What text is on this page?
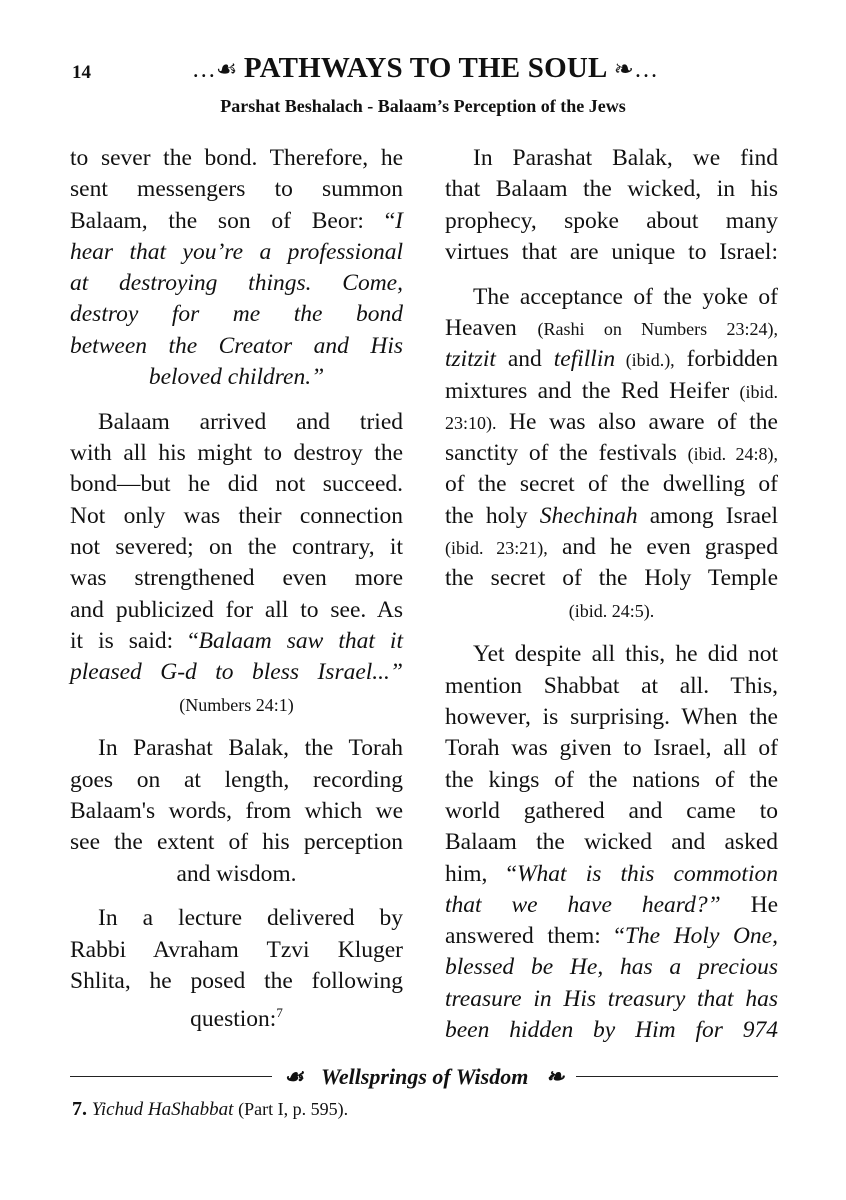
14	…☙ PATHWAYS TO THE SOUL ❧…
Parshat Beshalach - Balaam’s Perception of the Jews
to sever the bond. Therefore, he
sent messengers to summon
Balaam, the son of Beor: “I
hear that you’re a professional
at destroying things. Come,
destroy for me the bond
between the Creator and His
beloved children.”
Balaam arrived and tried
with all his might to destroy the
bond—but he did not succeed.
Not only was their connection
not severed; on the contrary, it
was strengthened even more
and publicized for all to see. As
it is said: “Balaam saw that it
pleased G-d to bless Israel...”
(Numbers 24:1)
In Parashat Balak, the Torah
goes on at length, recording
Balaam's words, from which we
see the extent of his perception
and wisdom.
In a lecture delivered by
Rabbi Avraham Tzvi Kluger
Shlita, he posed the following
question:$^7$
In Parashat Balak, we find
that Balaam the wicked, in his
prophecy, spoke about many
virtues that are unique to Israel:
The acceptance of the yoke of
Heaven (Rashi on Numbers 23:24),
tzitzit and tefillin (ibid.), forbidden
mixtures and the Red Heifer (ibid.
23:10). He was also aware of the
sanctity of the festivals (ibid. 24:8),
of the secret of the dwelling of
the holy Shechinah among Israel
(ibid. 23:21), and he even grasped
the secret of the Holy Temple
(ibid. 24:5).
Yet despite all this, he did not
mention Shabbat at all. This,
however, is surprising. When the
Torah was given to Israel, all of
the kings of the nations of the
world gathered and came to
Balaam the wicked and asked
him, “What is this commotion
that we have heard?” He
answered them: “The Holy One,
blessed be He, has a precious
treasure in His treasury that has
been hidden by Him for 974
☙ Wellsprings of Wisdom ❧
7. Yichud HaShabbat (Part I, p. 595).
